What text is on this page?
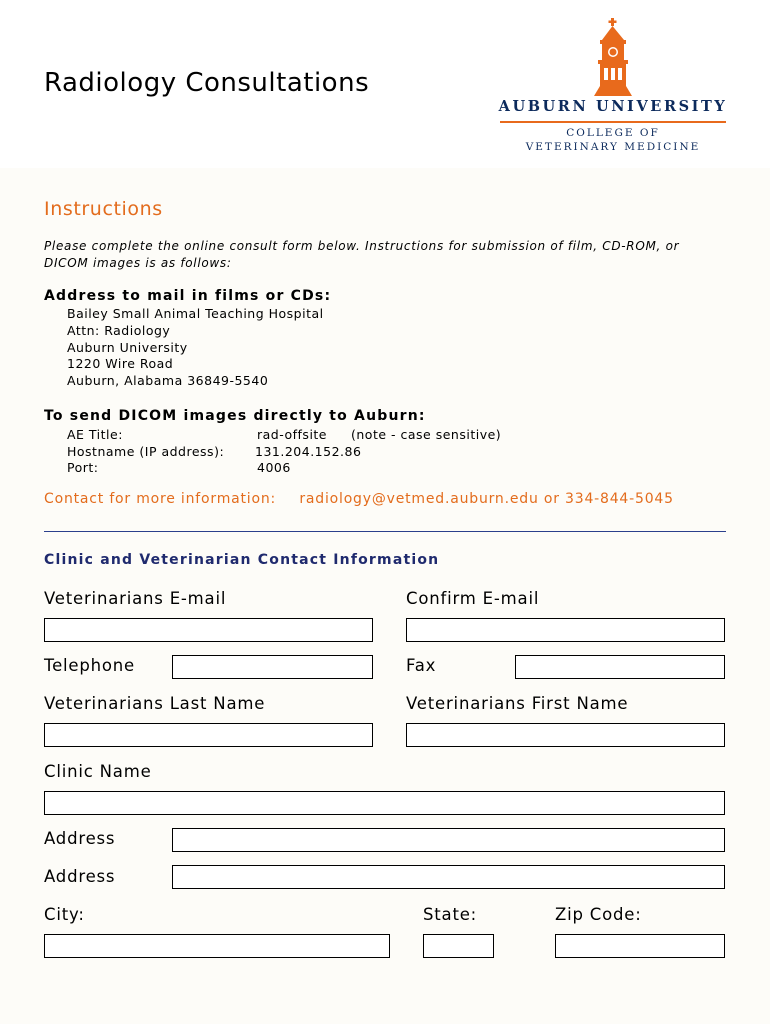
Radiology Consultations
AUBURN UNIVERSITY
COLLEGE OF
VETERINARY MEDICINE
Instructions
Please complete the online consult form below. Instructions for submission of film, CD-ROM, or DICOM images is as follows:
Address to mail in films or CDs:
Bailey Small Animal Teaching Hospital
Attn: Radiology
Auburn University
1220 Wire Road
Auburn, Alabama 36849-5540
To send DICOM images directly to Auburn:
AE Title:	rad-offsite (note - case sensitive)
Hostname (IP address): 131.204.152.86
Port:	4006
Contact for more information: radiology@vetmed.auburn.edu or 334-844-5045
Clinic and Veterinarian Contact Information
Veterinarians E-mail	Confirm E-mail
Telephone	Fax
Veterinarians Last Name	Veterinarians First Name
Clinic Name
Address
Address
City:	State:	Zip Code:
